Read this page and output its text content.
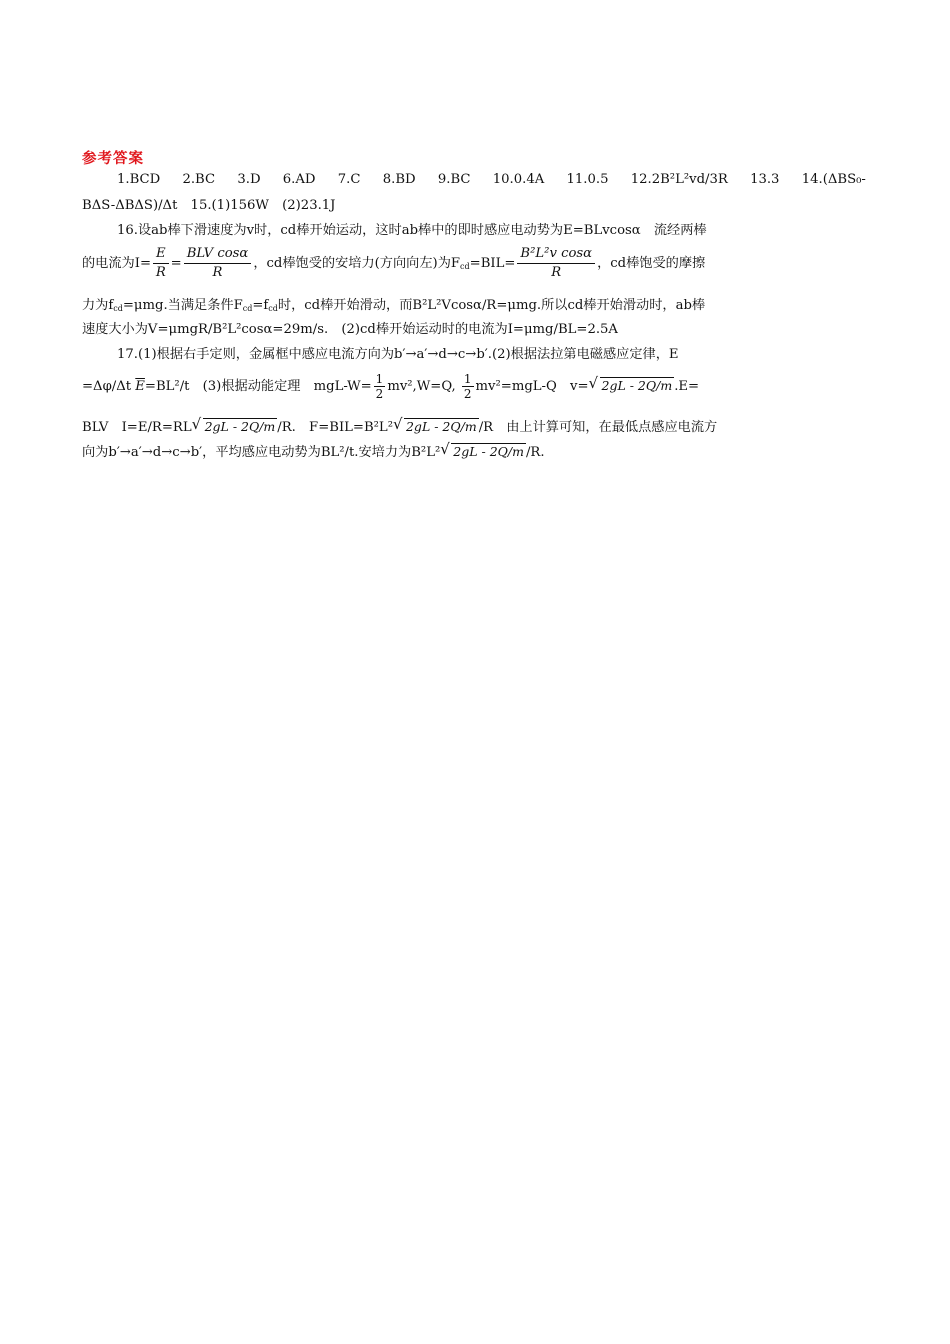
参考答案
1.BCD 2.BC 3.D 6.AD 7.C 8.BD 9.BC 10.0.4A 11.0.5 12.2B²L²vd/3R 13.3 14.(ΔBS₀-
BΔS-ΔBΔS)/Δt　15.(1)156W　(2)23.1J
16.设ab棒下滑速度为v时，cd棒开始运动，这时ab棒中的即时感应电动势为E=BLvcosα　流经两棒
的电流为$I= \frac{E}{R} = \frac{\text{BLV cosα}}{R}$ ，cd棒饱受的安培力(方向向左)为$F_{cd}=BIL= \frac{\text{B²L²v cosα}}{R}$ ，cd棒饱受的摩擦
力为$f_{cd}=\mu mg$.当满足条件$F_{cd}=f_{cd}$时，cd棒开始滑动，而B²L²Vcosα/R=μmg.所以cd棒开始滑动时，ab棒
速度大小为V=μmgR/B²L²cosα=29m/s.　(2)cd棒开始运动时的电流为I=μmg/BL=2.5A
17.(1)根据右手定则，金属框中感应电流方向为b′→a′→d→c→b′.(2)根据法拉第电磁感应定律，E
=Δφ/Δt $\overline{E}=BL^2/t$　(3)根据动能定理　$mgL-W= \frac{1}{2} mv^2,W=Q$, $\frac{1}{2} mv^2=mgL-Q$　v= √ 2gL - 2Q/m .E=
BLV　I=E/R=RL √ 2gL - 2Q/m /R.　F=BIL=B²L² √ 2gL - 2Q/m /R　由上计算可知，在最低点感应电流方
向为b′→a′→d→c→b′，平均感应电动势为BL²/t.安培力为B²L² √ 2gL - 2Q/m /R.
